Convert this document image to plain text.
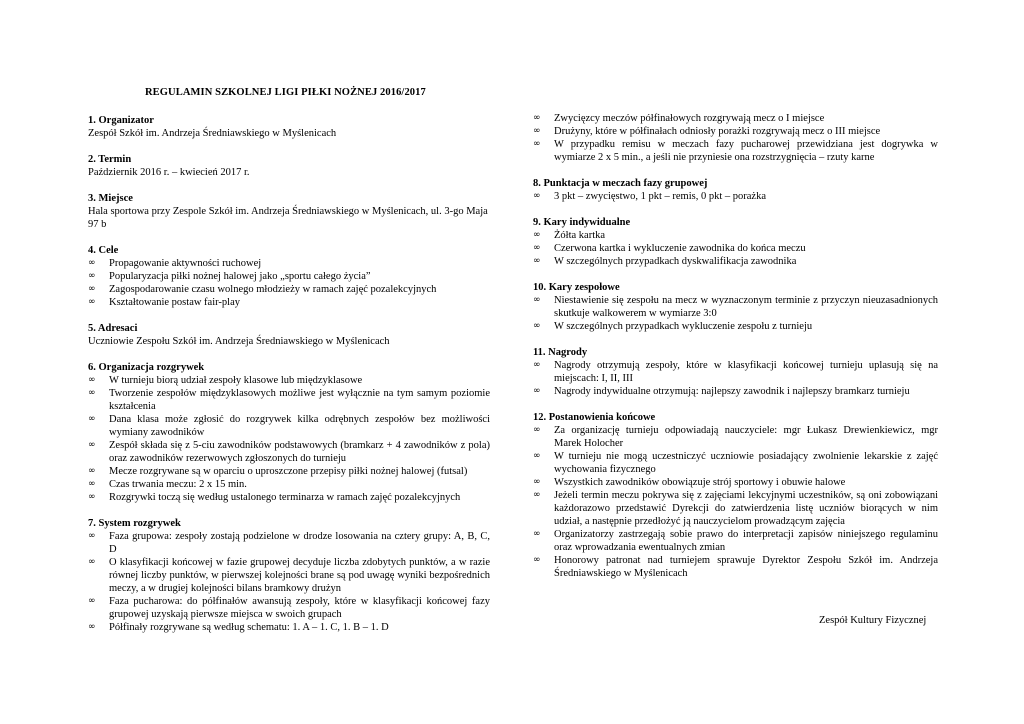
REGULAMIN SZKOLNEJ LIGI PIŁKI NOŻNEJ 2016/2017
1. Organizator
Zespół Szkół im. Andrzeja Średniawskiego w Myślenicach
2. Termin
Październik 2016 r. – kwiecień 2017 r.
3. Miejsce
Hala sportowa przy Zespole Szkół im. Andrzeja Średniawskiego w Myślenicach, ul. 3-go Maja 97 b
4. Cele
∞	Propagowanie aktywności ruchowej
∞	Popularyzacja piłki nożnej halowej jako „sportu całego życia”
∞	Zagospodarowanie czasu wolnego młodzieży w ramach zajęć pozalekcyjnych
∞	Kształtowanie postaw fair-play
5. Adresaci
Uczniowie Zespołu Szkół im. Andrzeja Średniawskiego w Myślenicach
6. Organizacja rozgrywek
∞	W turnieju biorą udział zespoły klasowe lub międzyklasowe
∞	Tworzenie zespołów międzyklasowych możliwe jest wyłącznie na tym samym poziomie kształcenia
∞	Dana klasa może zgłosić do rozgrywek kilka odrębnych zespołów bez możliwości wymiany zawodników
∞	Zespół składa się z 5-ciu zawodników podstawowych (bramkarz + 4 zawodników z pola) oraz zawodników rezerwowych zgłoszonych do turnieju
∞	Mecze rozgrywane są w oparciu o uproszczone przepisy piłki nożnej halowej (futsal)
∞	Czas trwania meczu: 2 x 15 min.
∞	Rozgrywki toczą się według ustalonego terminarza w ramach zajęć pozalekcyjnych
7. System rozgrywek
∞	Faza grupowa: zespoły zostają podzielone w drodze losowania na cztery grupy: A, B, C, D
∞	O klasyfikacji końcowej w fazie grupowej decyduje liczba zdobytych punktów, a w razie równej liczby punktów, w pierwszej kolejności brane są pod uwagę wyniki bezpośrednich meczy, a w drugiej kolejności bilans bramkowy drużyn
∞	Faza pucharowa: do półfinałów awansują zespoły, które w klasyfikacji końcowej fazy grupowej uzyskają pierwsze miejsca w swoich grupach
∞	Półfinały rozgrywane są według schematu: 1. A – 1. C, 1. B – 1. D
∞	Zwycięzcy meczów półfinałowych rozgrywają mecz o I miejsce
∞	Drużyny, które w półfinałach odniosły porażki rozgrywają mecz o III miejsce
∞	W przypadku remisu w meczach fazy pucharowej przewidziana jest dogrywka w wymiarze 2 x 5 min., a jeśli nie przyniesie ona rozstrzygnięcia – rzuty karne
8. Punktacja w meczach fazy grupowej
∞	3 pkt – zwycięstwo, 1 pkt – remis, 0 pkt – porażka
9. Kary indywidualne
∞	Żółta kartka
∞	Czerwona kartka i wykluczenie zawodnika do końca meczu
∞	W szczególnych przypadkach dyskwalifikacja zawodnika
10. Kary zespołowe
∞	Niestawienie się zespołu na mecz w wyznaczonym terminie z przyczyn nieuzasadnionych skutkuje walkowerem w wymiarze 3:0
∞	W szczególnych przypadkach wykluczenie zespołu z turnieju
11. Nagrody
∞	Nagrody otrzymują zespoły, które w klasyfikacji końcowej turnieju uplasują się na miejscach: I, II, III
∞	Nagrody indywidualne otrzymują: najlepszy zawodnik i najlepszy bramkarz turnieju
12. Postanowienia końcowe
∞	Za organizację turnieju odpowiadają nauczyciele: mgr Łukasz Drewienkiewicz, mgr Marek Holocher
∞	W turnieju nie mogą uczestniczyć uczniowie posiadający zwolnienie lekarskie z zajęć wychowania fizycznego
∞	Wszystkich zawodników obowiązuje strój sportowy i obuwie halowe
∞	Jeżeli termin meczu pokrywa się z zajęciami lekcyjnymi uczestników, są oni zobowiązani każdorazowo przedstawić Dyrekcji do zatwierdzenia listę uczniów biorących w nim udział, a następnie przedłożyć ją nauczycielom prowadzącym zajęcia
∞	Organizatorzy zastrzegają sobie prawo do interpretacji zapisów niniejszego regulaminu oraz wprowadzania ewentualnych zmian
∞	Honorowy patronat nad turniejem sprawuje Dyrektor Zespołu Szkół im. Andrzeja Średniawskiego w Myślenicach
Zespół Kultury Fizycznej
